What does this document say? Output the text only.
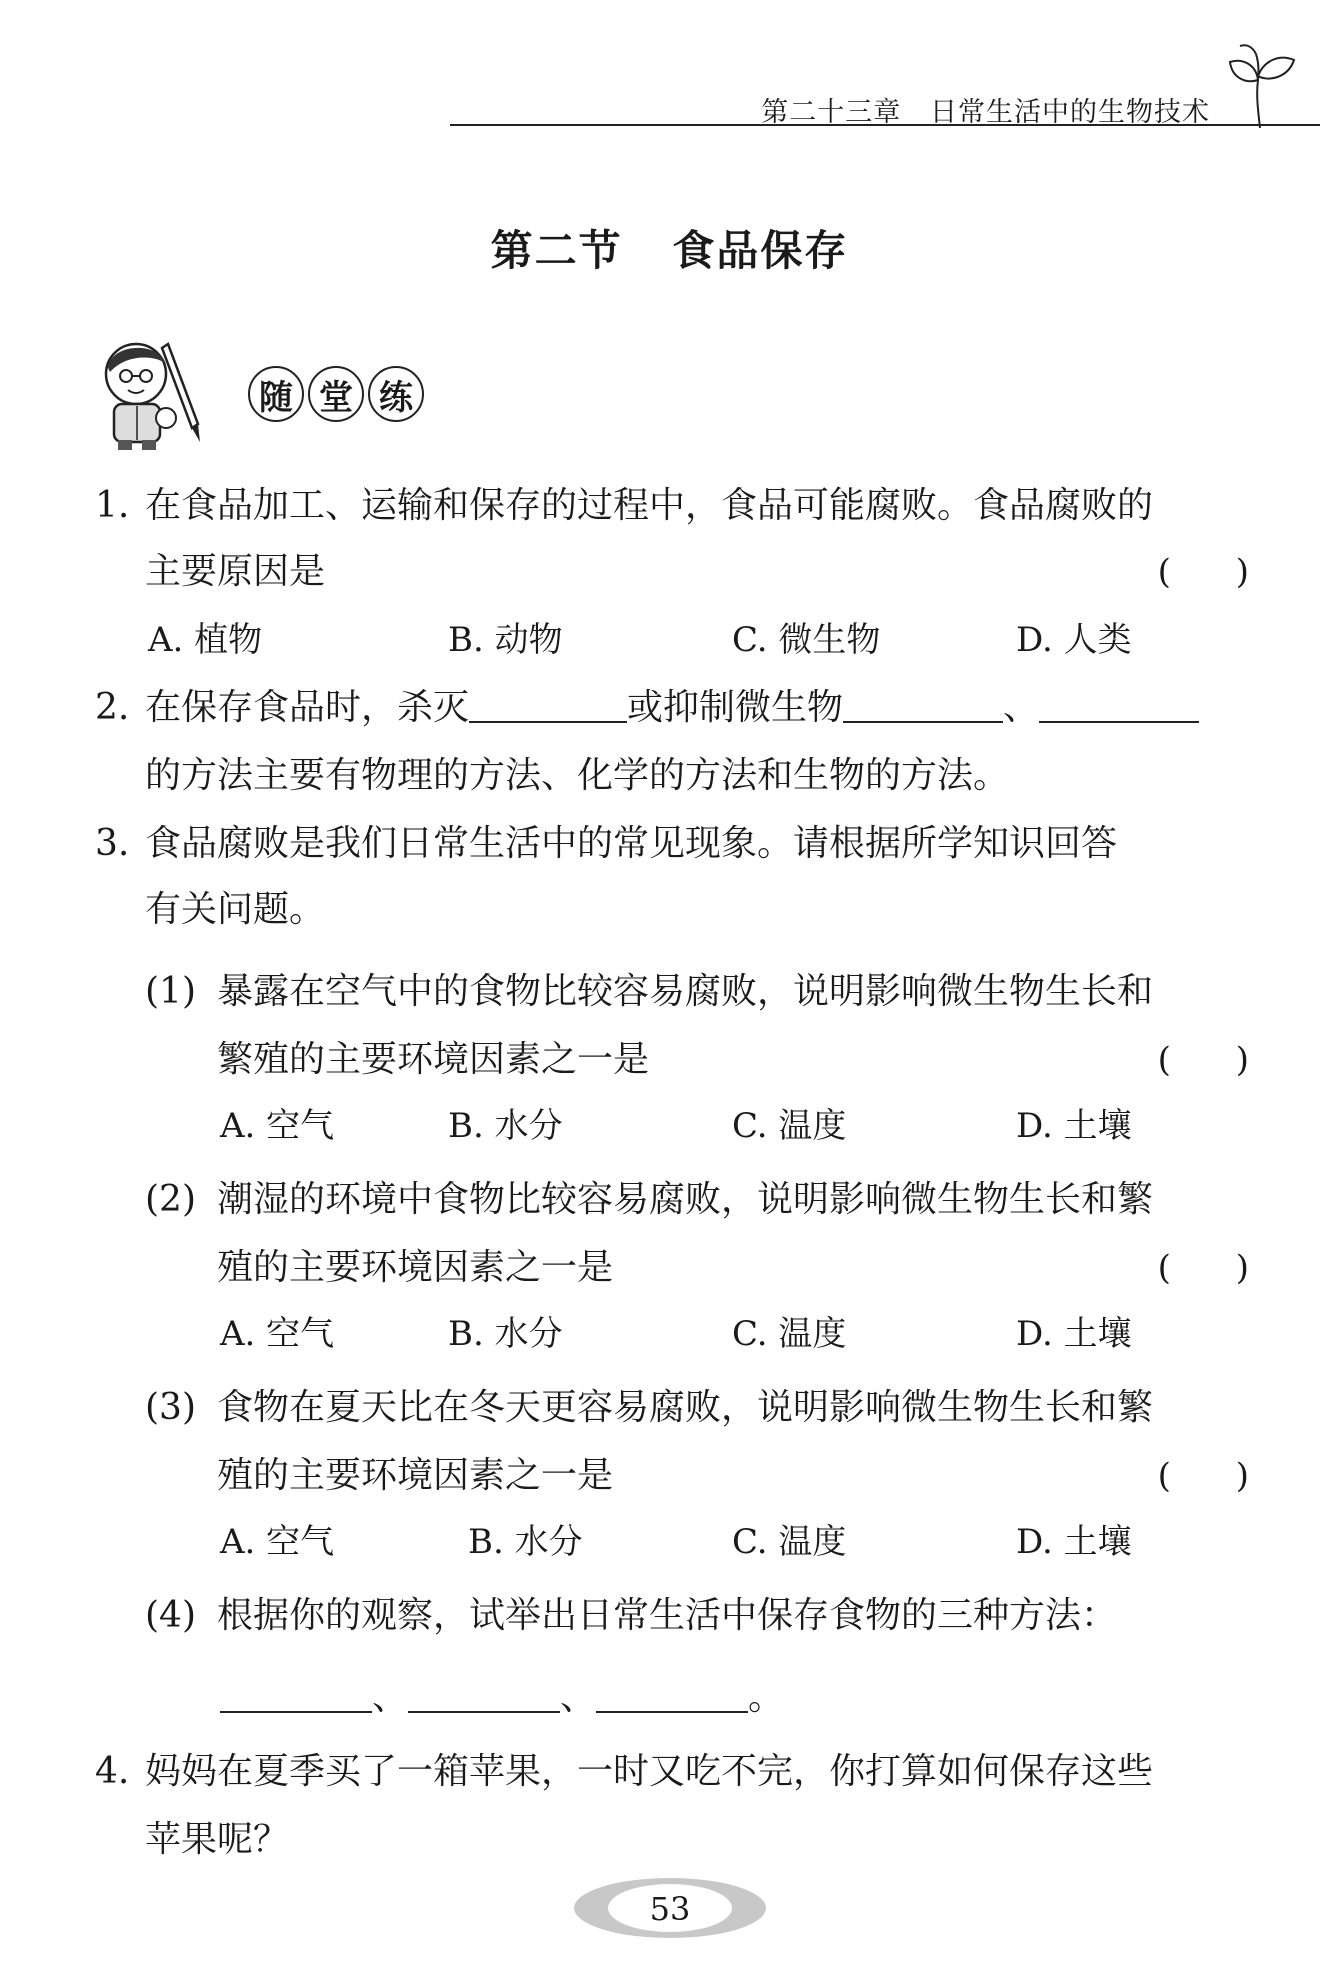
第二十三章   日常生活中的生物技术
第二节   食品保存
随 堂 练
1. 在食品加工、运输和保存的过程中，食品可能腐败。食品腐败的
主要原因是	(      )
A. 植物	B. 动物	C. 微生物	D. 人类
2. 在保存食品时，杀灭	或抑制微生物	、
的方法主要有物理的方法、化学的方法和生物的方法。
3. 食品腐败是我们日常生活中的常见现象。请根据所学知识回答
有关问题。
(1) 暴露在空气中的食物比较容易腐败，说明影响微生物生长和
繁殖的主要环境因素之一是	(      )
A. 空气	B. 水分	C. 温度	D. 土壤
(2) 潮湿的环境中食物比较容易腐败，说明影响微生物生长和繁
殖的主要环境因素之一是	(      )
A. 空气	B. 水分	C. 温度	D. 土壤
(3) 食物在夏天比在冬天更容易腐败，说明影响微生物生长和繁
殖的主要环境因素之一是	(      )
A. 空气	B. 水分	C. 温度	D. 土壤
(4) 根据你的观察，试举出日常生活中保存食物的三种方法：
、	、	。
4. 妈妈在夏季买了一箱苹果，一时又吃不完，你打算如何保存这些
苹果呢？
53
